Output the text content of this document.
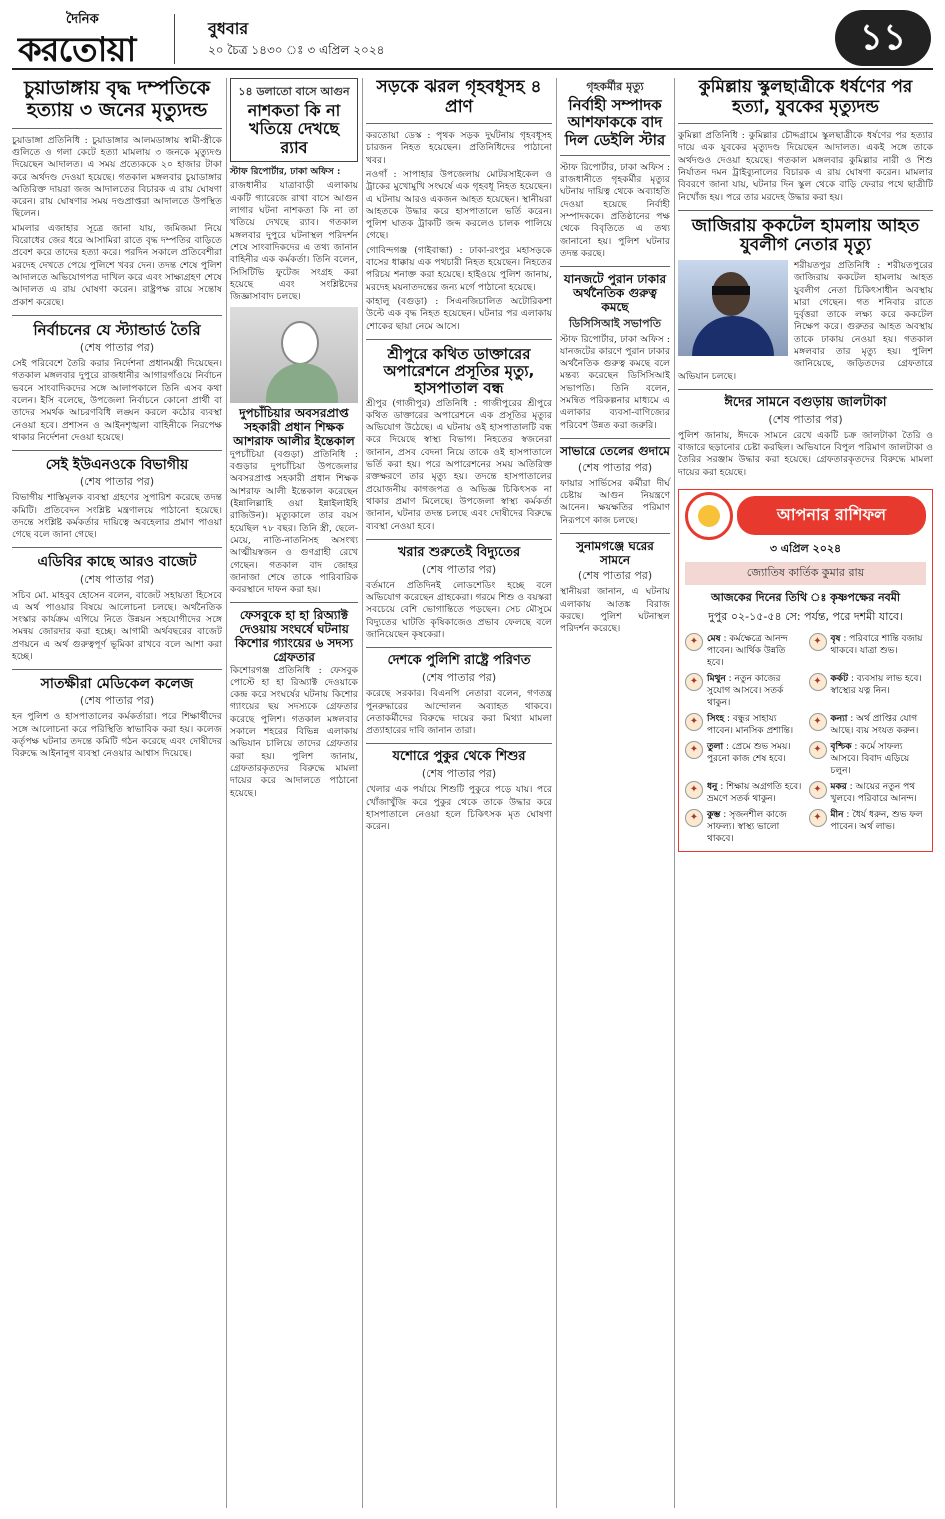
দৈনিক
করতোয়া
বুধবার
২০ চৈত্র ১৪৩০ ঃ ৩ এপ্রিল ২০২৪	১১
চুয়াডাঙ্গায় বৃদ্ধ দম্পতিকে হত্যায় ৩ জনের মৃত্যুদন্ড

চুয়াডাঙ্গা প্রতিনিধি : চুয়াডাঙ্গার আলমডাঙ্গায় স্বামী-স্ত্রীকে গুলিতে ও গলা কেটে হত্যা মামলায় ৩ জনকে মৃত্যুদণ্ড দিয়েছেন আদালত। এ সময় প্রত্যেককে ২০ হাজার টাকা করে অর্থদণ্ড দেওয়া হয়েছে। গতকাল মঙ্গলবার চুয়াডাঙ্গার অতিরিক্ত দায়রা জজ আদালতের বিচারক এ রায় ঘোষণা করেন। রায় ঘোষণার সময় দণ্ডপ্রাপ্তরা আদালতে উপস্থিত ছিলেন।

মামলার এজাহার সূত্রে জানা যায়, জমিজমা নিয়ে বিরোধের জের ধরে আসামিরা রাতে বৃদ্ধ দম্পতির বাড়িতে প্রবেশ করে তাদের হত্যা করে। পরদিন সকালে প্রতিবেশীরা মরদেহ দেখতে পেয়ে পুলিশে খবর দেন। তদন্ত শেষে পুলিশ আদালতে অভিযোগপত্র দাখিল করে এবং সাক্ষ্যগ্রহণ শেষে আদালত এ রায় ঘোষণা করেন। রাষ্ট্রপক্ষ রায়ে সন্তোষ প্রকাশ করেছে।

নির্বাচনের যে স্ট্যান্ডার্ড তৈরি
(শেষ পাতার পর)

সেই পরিবেশে তৈরি করার নির্দেশনা প্রধানমন্ত্রী দিয়েছেন। গতকাল মঙ্গলবার দুপুরে রাজধানীর আগারগাঁওয়ে নির্বাচন ভবনে সাংবাদিকদের সঙ্গে আলাপকালে তিনি এসব কথা বলেন। ইসি বলেছে, উপজেলা নির্বাচনে কোনো প্রার্থী বা তাদের সমর্থক আচরণবিধি লঙ্ঘন করলে কঠোর ব্যবস্থা নেওয়া হবে। প্রশাসন ও আইনশৃঙ্খলা বাহিনীকে নিরপেক্ষ থাকার নির্দেশনা দেওয়া হয়েছে।

সেই ইউএনওকে বিভাগীয়
(শেষ পাতার পর)

বিভাগীয় শাস্তিমূলক ব্যবস্থা গ্রহণের সুপারিশ করেছে তদন্ত কমিটি। প্রতিবেদন সংশ্লিষ্ট মন্ত্রণালয়ে পাঠানো হয়েছে। তদন্তে সংশ্লিষ্ট কর্মকর্তার দায়িত্বে অবহেলার প্রমাণ পাওয়া গেছে বলে জানা গেছে।

এডিবির কাছে আরও বাজেট
(শেষ পাতার পর)

সচিব মো. মাহবুব হোসেন বলেন, বাজেট সহায়তা হিসেবে এ অর্থ পাওয়ার বিষয়ে আলোচনা চলছে। অর্থনৈতিক সংস্কার কার্যক্রম এগিয়ে নিতে উন্নয়ন সহযোগীদের সঙ্গে সমন্বয় জোরদার করা হচ্ছে। আগামী অর্থবছরের বাজেট প্রণয়নে এ অর্থ গুরুত্বপূর্ণ ভূমিকা রাখবে বলে আশা করা হচ্ছে।

সাতক্ষীরা মেডিকেল কলেজ
(শেষ পাতার পর)

হন পুলিশ ও হাসপাতালের কর্মকর্তারা। পরে শিক্ষার্থীদের সঙ্গে আলোচনা করে পরিস্থিতি স্বাভাবিক করা হয়। কলেজ কর্তৃপক্ষ ঘটনার তদন্তে কমিটি গঠন করেছে এবং দোষীদের বিরুদ্ধে আইনানুগ ব্যবস্থা নেওয়ার আশ্বাস দিয়েছে।

১৪ ডলাতো বাসে আগুন
নাশকতা কি না খতিয়ে দেখছে র‍্যাব

স্টাফ রিপোর্টার, ঢাকা অফিস :

রাজধানীর যাত্রাবাড়ী এলাকায় একটি গ্যারেজে রাখা বাসে আগুন লাগার ঘটনা নাশকতা কি না তা খতিয়ে দেখছে র‍্যাব। গতকাল মঙ্গলবার দুপুরে ঘটনাস্থল পরিদর্শন শেষে সাংবাদিকদের এ তথ্য জানান বাহিনীর এক কর্মকর্তা। তিনি বলেন, সিসিটিভি ফুটেজ সংগ্রহ করা হয়েছে এবং সংশ্লিষ্টদের জিজ্ঞাসাবাদ চলছে।

দুপচাঁচিয়ার অবসরপ্রাপ্ত সহকারী প্রধান শিক্ষক আশরাফ আলীর ইন্তেকাল

দুপচাঁচিয়া (বগুড়া) প্রতিনিধি : বগুড়ার দুপচাঁচিয়া উপজেলার অবসরপ্রাপ্ত সহকারী প্রধান শিক্ষক আশরাফ আলী ইন্তেকাল করেছেন (ইন্নালিল্লাহি ওয়া ইন্নাইলাইহি রাজিউন)। মৃত্যুকালে তার বয়স হয়েছিল ৭৮ বছর। তিনি স্ত্রী, ছেলে-মেয়ে, নাতি-নাতনিসহ অসংখ্য আত্মীয়স্বজন ও গুণগ্রাহী রেখে গেছেন। গতকাল বাদ জোহর জানাজা শেষে তাকে পারিবারিক কবরস্থানে দাফন করা হয়।

ফেসবুকে হা হা রিঅ্যাক্ট দেওয়ায় সংঘর্ষে ঘটনায় কিশোর গ্যাংয়ের ৬ সদস্য গ্রেফতার

কিশোরগঞ্জ প্রতিনিধি : ফেসবুক পোস্টে হা হা রিঅ্যাক্ট দেওয়াকে কেন্দ্র করে সংঘর্ষের ঘটনায় কিশোর গ্যাংয়ের ছয় সদস্যকে গ্রেফতার করেছে পুলিশ। গতকাল মঙ্গলবার সকালে শহরের বিভিন্ন এলাকায় অভিযান চালিয়ে তাদের গ্রেফতার করা হয়। পুলিশ জানায়, গ্রেফতারকৃতদের বিরুদ্ধে মামলা দায়ের করে আদালতে পাঠানো হয়েছে।

সড়কে ঝরল গৃহবধূসহ ৪ প্রাণ

করতোয়া ডেস্ক : পৃথক সড়ক দুর্ঘটনায় গৃহবধূসহ চারজন নিহত হয়েছেন। প্রতিনিধিদের পাঠানো খবর।

নওগাঁ : সাপাহার উপজেলায় মোটরসাইকেল ও ট্রাকের মুখোমুখি সংঘর্ষে এক গৃহবধূ নিহত হয়েছেন। এ ঘটনায় আরও একজন আহত হয়েছেন। স্থানীয়রা আহতকে উদ্ধার করে হাসপাতালে ভর্তি করেন। পুলিশ ঘাতক ট্রাকটি জব্দ করলেও চালক পালিয়ে গেছে।

গোবিন্দগঞ্জ (গাইবান্ধা) : ঢাকা-রংপুর মহাসড়কে বাসের ধাক্কায় এক পথচারী নিহত হয়েছেন। নিহতের পরিচয় শনাক্ত করা হয়েছে। হাইওয়ে পুলিশ জানায়, মরদেহ ময়নাতদন্তের জন্য মর্গে পাঠানো হয়েছে।

কাহালু (বগুড়া) : সিএনজিচালিত অটোরিকশা উল্টে এক বৃদ্ধ নিহত হয়েছেন। ঘটনার পর এলাকায় শোকের ছায়া নেমে আসে।

শ্রীপুরে কথিত ডাক্তারের অপারেশনে প্রসূতির মৃত্যু, হাসপাতাল বন্ধ

শ্রীপুর (গাজীপুর) প্রতিনিধি : গাজীপুরের শ্রীপুরে কথিত ডাক্তারের অপারেশনে এক প্রসূতির মৃত্যুর অভিযোগ উঠেছে। এ ঘটনায় ওই হাসপাতালটি বন্ধ করে দিয়েছে স্বাস্থ্য বিভাগ। নিহতের স্বজনেরা জানান, প্রসব বেদনা নিয়ে তাকে ওই হাসপাতালে ভর্তি করা হয়। পরে অপারেশনের সময় অতিরিক্ত রক্তক্ষরণে তার মৃত্যু হয়। তদন্তে হাসপাতালের প্রয়োজনীয় কাগজপত্র ও অভিজ্ঞ চিকিৎসক না থাকার প্রমাণ মিলেছে। উপজেলা স্বাস্থ্য কর্মকর্তা জানান, ঘটনার তদন্ত চলছে এবং দোষীদের বিরুদ্ধে ব্যবস্থা নেওয়া হবে।

খরার শুরুতেই বিদ্যুতের
(শেষ পাতার পর)

বর্তমানে প্রতিদিনই লোডশেডিং হচ্ছে বলে অভিযোগ করেছেন গ্রাহকেরা। গরমে শিশু ও বয়স্করা সবচেয়ে বেশি ভোগান্তিতে পড়ছেন। সেচ মৌসুমে বিদ্যুতের ঘাটতি কৃষিকাজেও প্রভাব ফেলছে বলে জানিয়েছেন কৃষকেরা।

দেশকে পুলিশি রাষ্ট্রে পরিণত
(শেষ পাতার পর)

করেছে সরকার। বিএনপি নেতারা বলেন, গণতন্ত্র পুনরুদ্ধারের আন্দোলন অব্যাহত থাকবে। নেতাকর্মীদের বিরুদ্ধে দায়ের করা মিথ্যা মামলা প্রত্যাহারের দাবি জানান তারা।

যশোরে পুকুর থেকে শিশুর
(শেষ পাতার পর)

খেলার এক পর্যায়ে শিশুটি পুকুরে পড়ে যায়। পরে খোঁজাখুঁজি করে পুকুর থেকে তাকে উদ্ধার করে হাসপাতালে নেওয়া হলে চিকিৎসক মৃত ঘোষণা করেন।

গৃহকর্মীর মৃত্যু
নির্বাহী সম্পাদক আশফাককে বাদ দিল ডেইলি স্টার

স্টাফ রিপোর্টার, ঢাকা অফিস : রাজধানীতে গৃহকর্মীর মৃত্যুর ঘটনায় দায়িত্ব থেকে অব্যাহতি দেওয়া হয়েছে নির্বাহী সম্পাদককে। প্রতিষ্ঠানের পক্ষ থেকে বিবৃতিতে এ তথ্য জানানো হয়। পুলিশ ঘটনার তদন্ত করছে।

যানজটে পুরান ঢাকার অর্থনৈতিক গুরুত্ব কমছে
ডিসিসিআই সভাপতি

স্টাফ রিপোর্টার, ঢাকা অফিস : যানজটের কারণে পুরান ঢাকার অর্থনৈতিক গুরুত্ব কমছে বলে মন্তব্য করেছেন ডিসিসিআই সভাপতি। তিনি বলেন, সমন্বিত পরিকল্পনার মাধ্যমে এ এলাকার ব্যবসা-বাণিজ্যের পরিবেশ উন্নত করা জরুরি।

সাভারে তেলের গুদামে
(শেষ পাতার পর)

ফায়ার সার্ভিসের কর্মীরা দীর্ঘ চেষ্টায় আগুন নিয়ন্ত্রণে আনেন। ক্ষয়ক্ষতির পরিমাণ নিরূপণে কাজ চলছে।

সুনামগঞ্জে ঘরের সামনে
(শেষ পাতার পর)

স্থানীয়রা জানান, এ ঘটনায় এলাকায় আতঙ্ক বিরাজ করছে। পুলিশ ঘটনাস্থল পরিদর্শন করেছে।

কুমিল্লায় স্কুলছাত্রীকে ধর্ষণের পর হত্যা, যুবকের মৃত্যুদন্ড

কুমিল্লা প্রতিনিধি : কুমিল্লার চৌদ্দগ্রামে স্কুলছাত্রীকে ধর্ষণের পর হত্যার দায়ে এক যুবকের মৃত্যুদণ্ড দিয়েছেন আদালত। একই সঙ্গে তাকে অর্থদণ্ডও দেওয়া হয়েছে। গতকাল মঙ্গলবার কুমিল্লার নারী ও শিশু নির্যাতন দমন ট্রাইব্যুনালের বিচারক এ রায় ঘোষণা করেন। মামলার বিবরণে জানা যায়, ঘটনার দিন স্কুল থেকে বাড়ি ফেরার পথে ছাত্রীটি নিখোঁজ হয়। পরে তার মরদেহ উদ্ধার করা হয়।

জাজিরায় ককটেল হামলায় আহত যুবলীগ নেতার মৃত্যু

শরীয়তপুর প্রতিনিধি : শরীয়তপুরের জাজিরায় ককটেল হামলায় আহত যুবলীগ নেতা চিকিৎসাধীন অবস্থায় মারা গেছেন। গত শনিবার রাতে দুর্বৃত্তরা তাকে লক্ষ্য করে ককটেল নিক্ষেপ করে। গুরুতর আহত অবস্থায় তাকে ঢাকায় নেওয়া হয়। গতকাল মঙ্গলবার তার মৃত্যু হয়। পুলিশ জানিয়েছে, জড়িতদের গ্রেফতারে অভিযান চলছে।

ঈদের সামনে বগুড়ায় জালটাকা
(শেষ পাতার পর)

পুলিশ জানায়, ঈদকে সামনে রেখে একটি চক্র জালটাকা তৈরি ও বাজারে ছড়ানোর চেষ্টা করছিল। অভিযানে বিপুল পরিমাণ জালটাকা ও তৈরির সরঞ্জাম উদ্ধার করা হয়েছে। গ্রেফতারকৃতদের বিরুদ্ধে মামলা দায়ের করা হয়েছে।

আপনার রাশিফল
৩ এপ্রিল ২০২৪
জ্যোতিষ কার্তিক কুমার রায়
আজকের দিনের তিথি ঃ কৃষ্ণপক্ষের নবমী
দুপুর ০২-১৫-৫৪ সে: পর্যন্ত, পরে দশমী যাবে।
✦ মেষ : কর্মক্ষেত্রে আনন্দ পাবেন। আর্থিক উন্নতি হবে।
✦ বৃষ : পরিবারে শান্তি বজায় থাকবে। যাত্রা শুভ।
✦ মিথুন : নতুন কাজের সুযোগ আসবে। সতর্ক থাকুন।
✦ কর্কট : ব্যবসায় লাভ হবে। স্বাস্থ্যের যত্ন নিন।
✦ সিংহ : বন্ধুর সাহায্য পাবেন। মানসিক প্রশান্তি।
✦ কন্যা : অর্থ প্রাপ্তির যোগ আছে। ব্যয় সংযত করুন।
✦ তুলা : প্রেমে শুভ সময়। পুরনো কাজ শেষ হবে।
✦ বৃশ্চিক : কর্মে সাফল্য আসবে। বিবাদ এড়িয়ে চলুন।
✦ ধনু : শিক্ষায় অগ্রগতি হবে। ভ্রমণে সতর্ক থাকুন।
✦ মকর : আয়ের নতুন পথ খুলবে। পরিবারে আনন্দ।
✦ কুম্ভ : সৃজনশীল কাজে সাফল্য। স্বাস্থ্য ভালো থাকবে।
✦ মীন : ধৈর্য ধরুন, শুভ ফল পাবেন। অর্থ লাভ।
